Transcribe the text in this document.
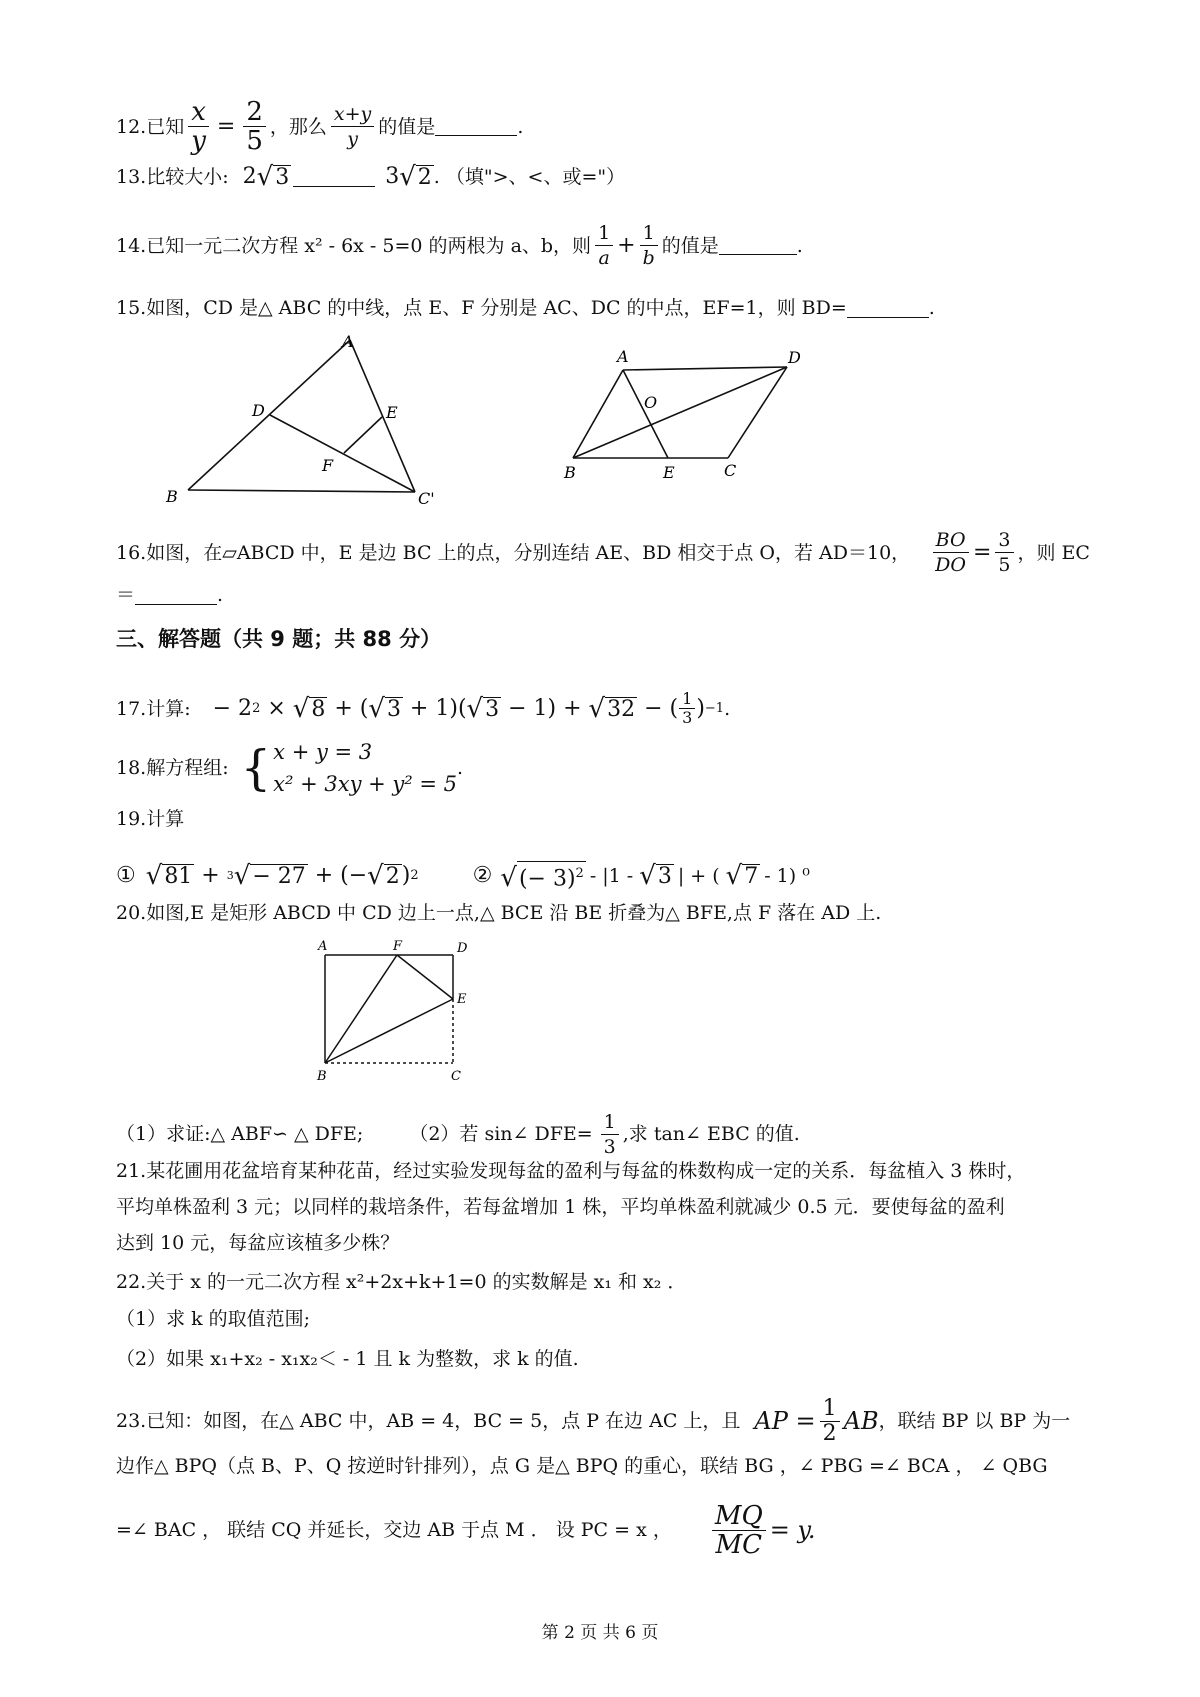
12.已知 $\frac{x}{y} = \frac{2}{5}$ ，那么 $\frac{x+y}{y}$ 的值是	.
13.比较大小: 2 √ 3	3 √ 2 . （填">、<、或="）
14.已知一元二次方程 x² - 6x - 5=0 的两根为 a、b，则 $\frac{1}{a} + \frac{1}{b}$ 的值是	.
15.如图，CD 是△ ABC 的中线，点 E、F 分别是 AC、DC 的中点，EF=1，则 BD=	.
A
B	C'
D	E
F
A	D
B	E	C
O
16.如图，在▱ABCD 中，E 是边 BC 上的点，分别连结 AE、BD 相交于点 O，若 AD＝10， $\frac{BO}{DO} = \frac{3}{5}$ ，则 EC
＝	.
三、解答题（共 9 题；共 88 分）
17.计算: − 2 2 × √ 8 + ( √ 3 + 1)( √ 3 − 1) + √ 32 − ( $\frac{1}{3}$ ) −1 .
18.解方程组: { x + y = 3
x² + 3xy + y² = 5
.
19.计算
① √ 81 + 3 √ − 27 + (− √ 2 ) 2 ② √ (− 3)$^2$ - |1 - √ 3 | + ( √ 7 - 1) ⁰
20.如图,E 是矩形 ABCD 中 CD 边上一点,△ BCE 沿 BE 折叠为△ BFE,点 F 落在 AD 上.
A	F	D
E
B	C
（1）求证:△ ABF∽ △ DFE; （2）若 sin∠ $DFE= \frac{1}{3}$ ,求 tan∠ EBC 的值.
21.某花圃用花盆培育某种花苗，经过实验发现每盆的盈利与每盆的株数构成一定的关系．每盆植入 3 株时，
平均单株盈利 3 元；以同样的栽培条件，若每盆增加 1 株，平均单株盈利就减少 0.5 元．要使每盆的盈利
达到 10 元，每盆应该植多少株？
22.关于 x 的一元二次方程 x²+2x+k+1=0 的实数解是 x₁ 和 x₂ ．
（1）求 k 的取值范围;
（2）如果 x₁+x₂ - x₁x₂＜ - 1 且 k 为整数，求 k 的值.
23.已知：如图，在△ ABC 中，AB = 4，BC = 5，点 P 在边 AC 上，且 AP = $\frac{1}{2}$ AB ，联结 BP 以 BP 为一
边作△ BPQ（点 B、P、Q 按逆时针排列），点 G 是△ BPQ 的重心，联结 BG ，∠ PBG =∠ BCA ， ∠ QBG
=∠ BAC ， 联结 CQ 并延长，交边 AB 于点 M ． 设 PC = x ， $\frac{MQ}{MC} = y$.
第 2 页 共 6 页
